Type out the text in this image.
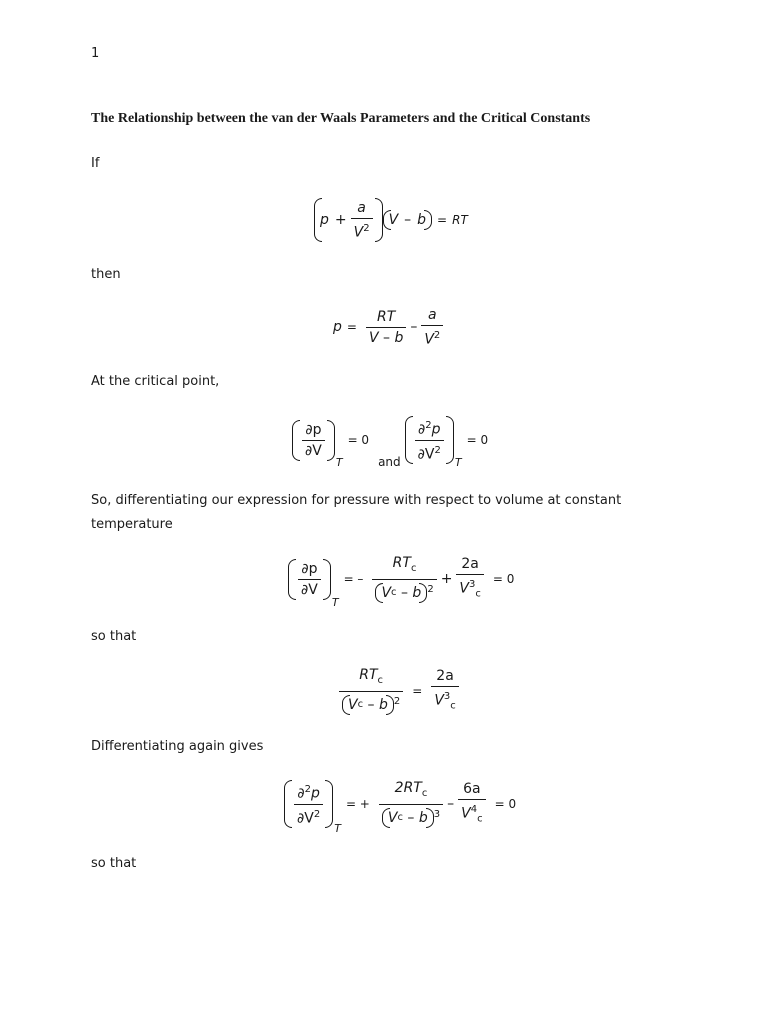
1
The Relationship between the van der Waals Parameters and the Critical Constants
If
$p + \frac{a}{V^2}$ V – b = RT
then
$p = \frac{RT}{V - b} - \frac{a}{V^2}$
At the critical point,
$\frac{\partial p}{\partial V}$
T
= 0
and $\frac{\partial^2p}{\partial V^2}$
T
= 0
So, differentiating our expression for pressure with respect to volume at constant
temperature
$\frac{\partial p}{\partial V}$
T
= – $RT_c$
V c
–
b $^2 + \frac{2a}{V^3_c} = 0$
so that
$RT_c$
V c
–
b $^2 = \frac{2a}{V^3_c}$
Differentiating again gives
$\frac{\partial^2p}{\partial V^2}$
T
= + $2RT_c$
V c
–
b $^3 - \frac{6a}{V^4_c} = 0$
so that
